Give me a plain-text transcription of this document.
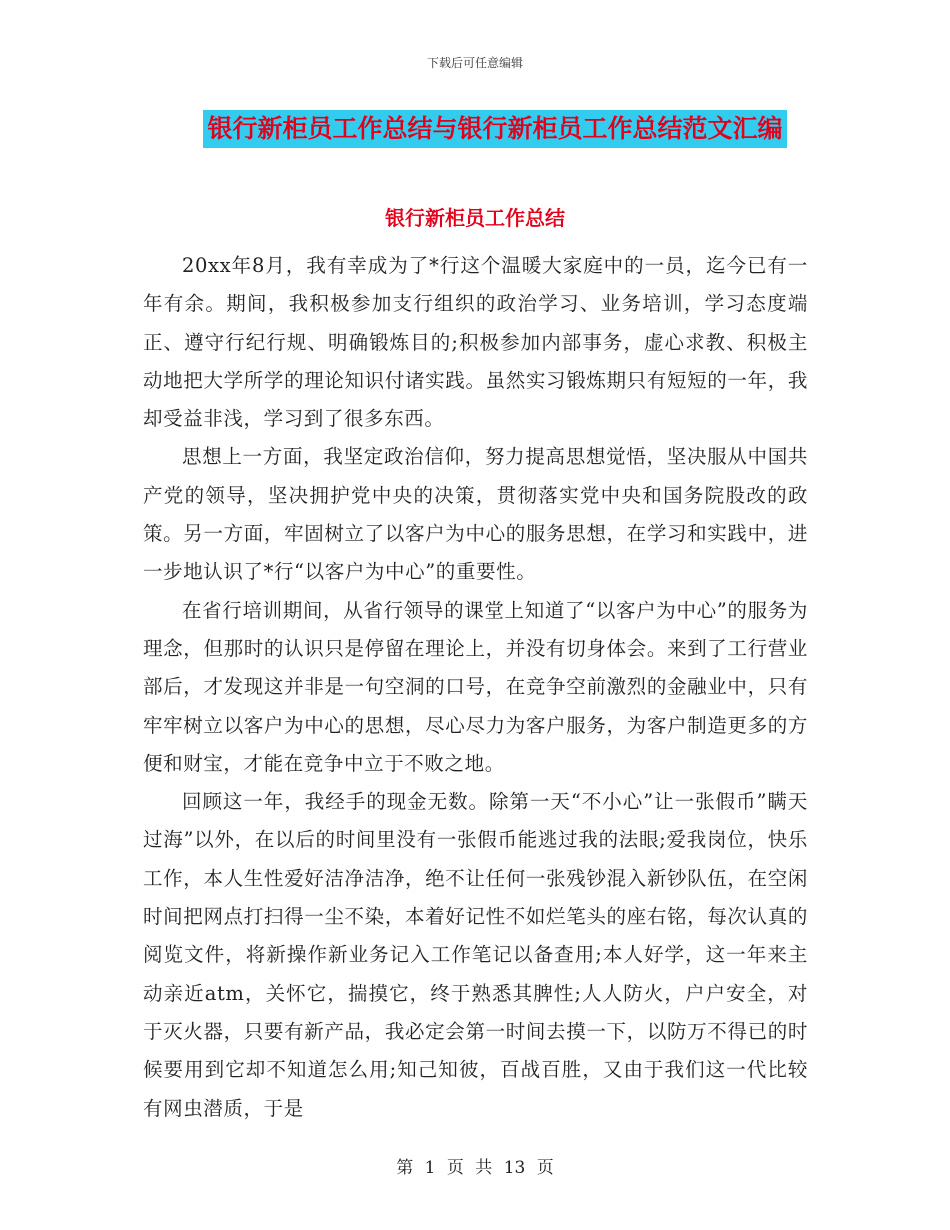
下载后可任意编辑
银行新柜员工作总结与银行新柜员工作总结范文汇编
银行新柜员工作总结

20xx年8月，我有幸成为了*行这个温暖大家庭中的一员，迄今已有一年有余。期间，我积极参加支行组织的政治学习、业务培训，学习态度端正、遵守行纪行规、明确锻炼目的;积极参加内部事务，虚心求教、积极主动地把大学所学的理论知识付诸实践。虽然实习锻炼期只有短短的一年，我却受益非浅，学习到了很多东西。

思想上一方面，我坚定政治信仰，努力提高思想觉悟，坚决服从中国共产党的领导，坚决拥护党中央的决策，贯彻落实党中央和国务院股改的政策。另一方面，牢固树立了以客户为中心的服务思想，在学习和实践中，进一步地认识了*行“以客户为中心”的重要性。

在省行培训期间，从省行领导的课堂上知道了“以客户为中心”的服务为理念，但那时的认识只是停留在理论上，并没有切身体会。来到了工行营业部后，才发现这并非是一句空洞的口号，在竞争空前激烈的金融业中，只有牢牢树立以客户为中心的思想，尽心尽力为客户服务，为客户制造更多的方便和财宝，才能在竞争中立于不败之地。

回顾这一年，我经手的现金无数。除第一天“不小心”让一张假币”瞒天过海”以外，在以后的时间里没有一张假币能逃过我的法眼;爱我岗位，快乐工作，本人生性爱好洁净洁净，绝不让任何一张残钞混入新钞队伍，在空闲时间把网点打扫得一尘不染，本着好记性不如烂笔头的座右铭，每次认真的阅览文件，将新操作新业务记入工作笔记以备查用;本人好学，这一年来主动亲近atm，关怀它，揣摸它，终于熟悉其脾性;人人防火，户户安全，对于灭火器，只要有新产品，我必定会第一时间去摸一下，以防万不得已的时候要用到它却不知道怎么用;知己知彼，百战百胜，又由于我们这一代比较有网虫潜质，于是

第 1 页 共 13 页
